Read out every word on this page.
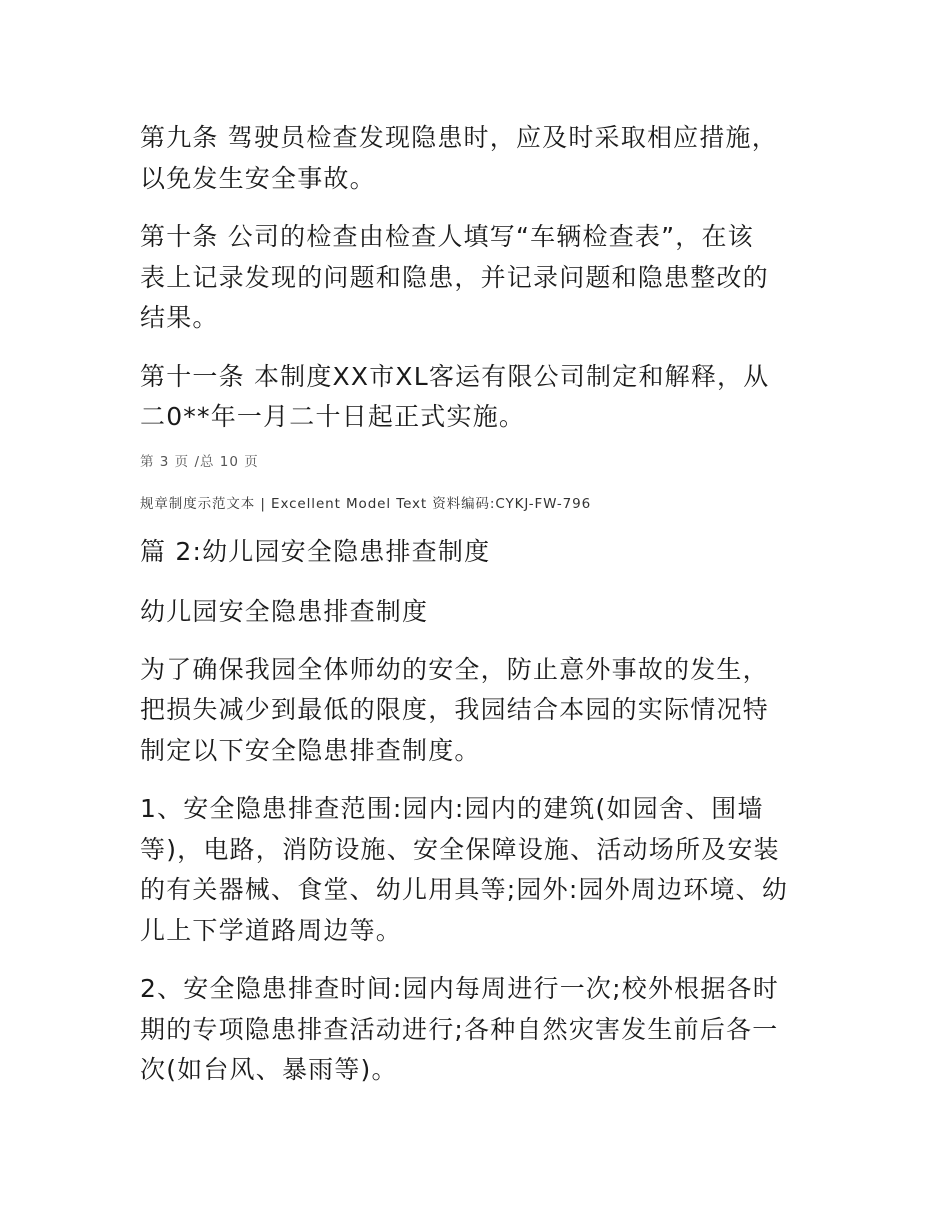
第九条 驾驶员检查发现隐患时，应及时采取相应措施，
以免发生安全事故。

第十条 公司的检查由检查人填写“车辆检查表”，在该
表上记录发现的问题和隐患，并记录问题和隐患整改的
结果。

第十一条 本制度XX市XL客运有限公司制定和解释，从
二0**年一月二十日起正式实施。

第 3 页 /总 10 页
规章制度示范文本 | Excellent Model Text 资料编码:CYKJ-FW-796

篇 2:幼儿园安全隐患排查制度

幼儿园安全隐患排查制度

为了确保我园全体师幼的安全，防止意外事故的发生，
把损失减少到最低的限度，我园结合本园的实际情况特
制定以下安全隐患排查制度。

1、安全隐患排查范围:园内:园内的建筑(如园舍、围墙
等)，电路，消防设施、安全保障设施、活动场所及安装
的有关器械、食堂、幼儿用具等;园外:园外周边环境、幼
儿上下学道路周边等。

2、安全隐患排查时间:园内每周进行一次;校外根据各时
期的专项隐患排查活动进行;各种自然灾害发生前后各一
次(如台风、暴雨等)。
